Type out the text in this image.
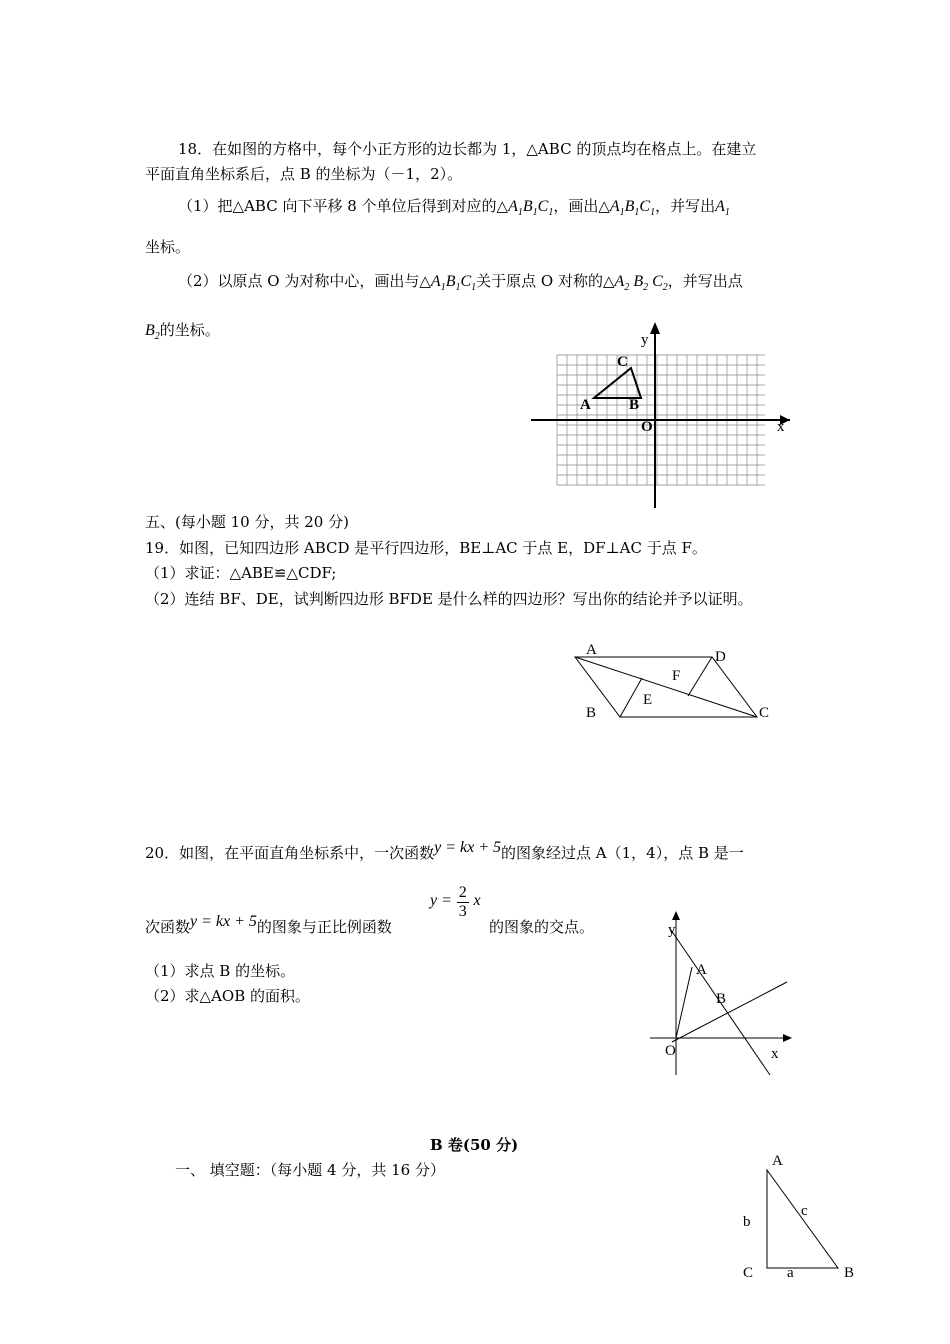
18．在如图的方格中，每个小正方形的边长都为 1，△ABC 的顶点均在格点上。在建立
平面直角坐标系后，点 B 的坐标为（－1，2）。
（1）把△ABC 向下平移 8 个单位后得到对应的$\triangle A_1B_1C_1$，画出$\triangle A_1B_1C_1$，并写出$A_1$
坐标。
（2）以原点 O 为对称中心，画出与$\triangle A_1B_1C_1$关于原点 O 对称的$\triangle A_2$ $B_2$ $C_2$，并写出点
$B_2$的坐标。
C
A	B
O	x
y
五、(每小题 10 分，共 20 分)
19．如图，已知四边形 ABCD 是平行四边形，BE⊥AC 于点 E，DF⊥AC 于点 F。
（1）求证：△ABE≌△CDF;
（2）连结 BF、DE，试判断四边形 BFDE 是什么样的四边形？写出你的结论并予以证明。
A	D
F
E
B	C
20．如图，在平面直角坐标系中，一次函数y = kx + 5的图象经过点 A（1，4），点 B 是一
次函数y = kx + 5的图象与正比例函数
$y = \frac{2}{3}$ x
的图象的交点。
（1）求点 B 的坐标。
（2）求△AOB 的面积。
y
A
B
O	x
B 卷(50 分)
一、 填空题：（每小题 4 分，共 16 分）	A
b
c
C a	B
